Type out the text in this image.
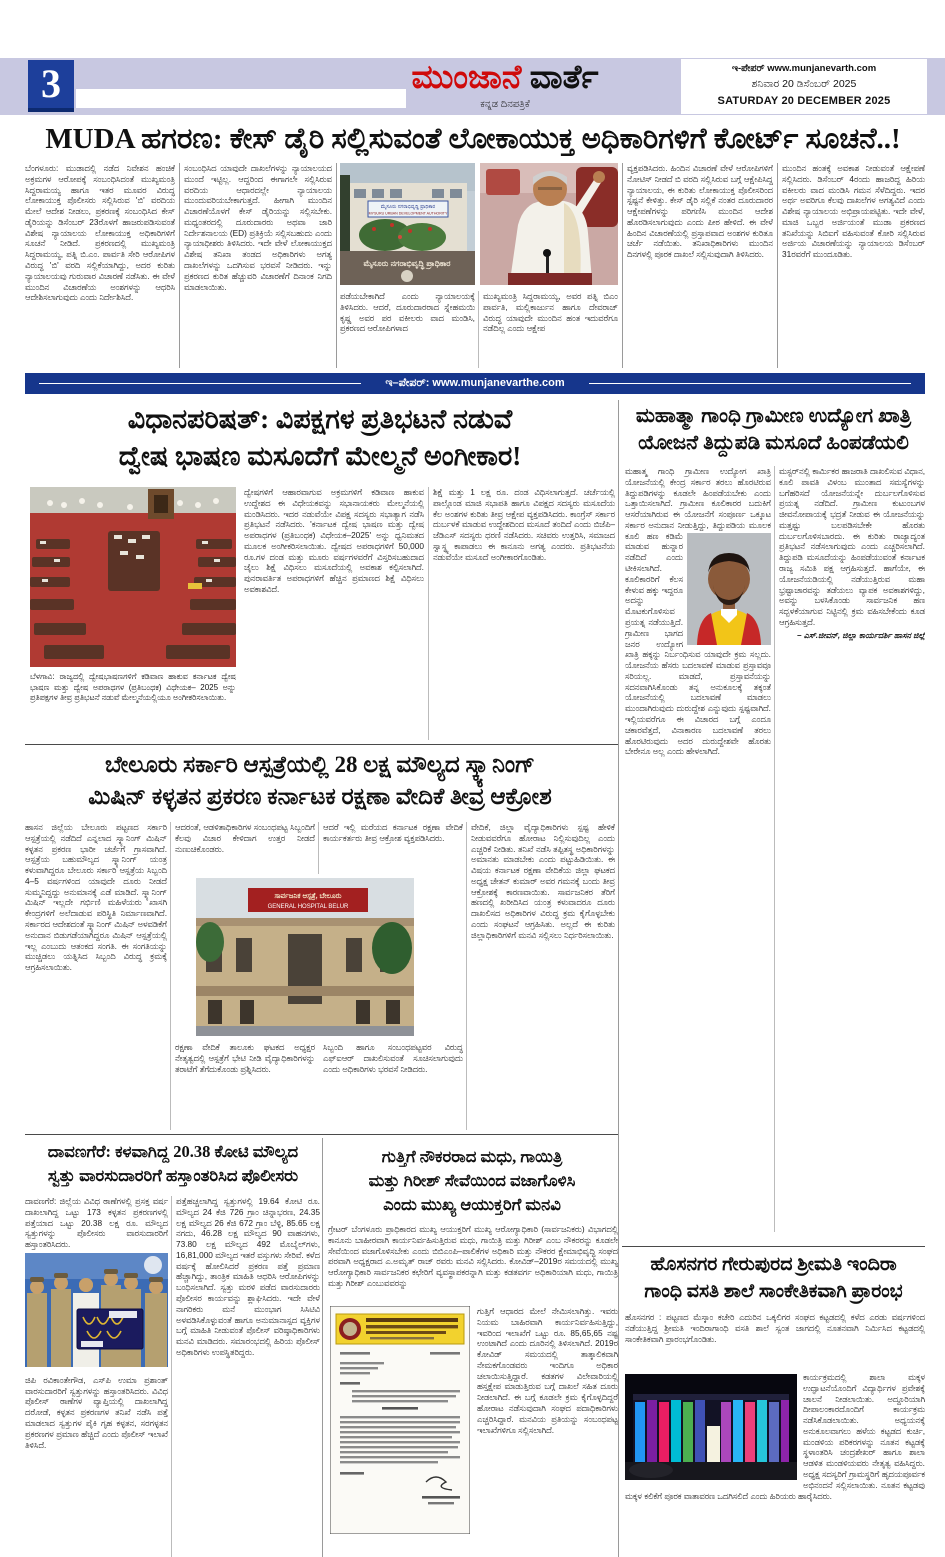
3	ಮುಂಜಾನೆ ವಾರ್ತೆ
ಕನ್ನಡ ದಿನಪತ್ರಿಕೆ
ಇ-ಪೇಪರ್ www.munjanevarth.com
ಶನಿವಾರ 20 ಡಿಸೆಂಬರ್ 2025
SATURDAY 20 DECEMBER 2025
MUDA ಹಗರಣ: ಕೇಸ್ ಡೈರಿ ಸಲ್ಲಿಸುವಂತೆ ಲೋಕಾಯುಕ್ತ ಅಧಿಕಾರಿಗಳಿಗೆ ಕೋರ್ಟ್ ಸೂಚನೆ..!
ಬೆಂಗಳೂರು: ಮುಡಾದಲ್ಲಿ ನಡೆದ ನಿವೇಶನ ಹಂಚಿಕೆ ಅಕ್ರಮಗಳ ಆರೋಪಕ್ಕೆ ಸಂಬಂಧಿಸಿದಂತೆ ಮುಖ್ಯಮಂತ್ರಿ ಸಿದ್ದರಾಮಯ್ಯ ಹಾಗೂ ಇತರ ಮೂವರ ವಿರುದ್ಧ ಲೋಕಾಯುಕ್ತ ಪೊಲೀಸರು ಸಲ್ಲಿಸಿರುವ 'ಬಿ' ವರದಿಯ ಮೇಲೆ ಆದೇಶ ನೀಡಲು, ಪ್ರಕರಣಕ್ಕೆ ಸಂಬಂಧಿಸಿದ ಕೇಸ್ ಡೈರಿಯನ್ನು ಡಿಸೆಂಬರ್ 23ರೊಳಗೆ ಹಾಜರುಪಡಿಸುವಂತೆ ವಿಶೇಷ ನ್ಯಾಯಾಲಯ ಲೋಕಾಯುಕ್ತ ಅಧಿಕಾರಿಗಳಿಗೆ ಸೂಚನೆ ನೀಡಿದೆ. ಪ್ರಕರಣದಲ್ಲಿ ಮುಖ್ಯಮಂತ್ರಿ ಸಿದ್ದರಾಮಯ್ಯ, ಪತ್ನಿ ಬಿ.ಎಂ. ಪಾರ್ವತಿ ಸೇರಿ ಆರೋಪಿಗಳ ವಿರುದ್ಧ 'ಬಿ' ವರದಿ ಸಲ್ಲಿಕೆಯಾಗಿದ್ದು, ಅದರ ಕುರಿತು ನ್ಯಾಯಾಲಯವು ಗುರುವಾರ ವಿಚಾರಣೆ ನಡೆಸಿತು. ಈ ವೇಳೆ ಮುಂದಿನ ವಿಚಾರಣೆಯ ಅಂಶಗಳನ್ನು ಆಧರಿಸಿ ಆದೇಶಿಸಲಾಗುವುದು ಎಂದು ನಿರ್ದೇಶಿಸಿದೆ.
ಸಂಬಂಧಿಸಿದ ಯಾವುದೇ ದಾಖಲೆಗಳನ್ನು ನ್ಯಾಯಾಲಯದ ಮುಂದೆ ಇಟ್ಟಿಲ್ಲ. ಆದ್ದರಿಂದ ಈಗಾಗಲೇ ಸಲ್ಲಿಸಿರುವ ವರದಿಯ ಆಧಾರದಲ್ಲೇ ನ್ಯಾಯಾಲಯ ಮುಂದುವರಿಯಬೇಕಾಗುತ್ತದೆ. ಹೀಗಾಗಿ ಮುಂದಿನ ವಿಚಾರಣೆಯೊಳಗೆ ಕೇಸ್ ಡೈರಿಯನ್ನು ಸಲ್ಲಿಸಬೇಕು. ಮಧ್ಯಂತರದಲ್ಲಿ ದೂರುದಾರರು ಅಥವಾ ಜಾರಿ ನಿರ್ದೇಶನಾಲಯ (ED) ಪ್ರತಿಕ್ರಿಯೆ ಸಲ್ಲಿಸಬಹುದು ಎಂದು ನ್ಯಾಯಾಧೀಶರು ತಿಳಿಸಿದರು. ಇದೇ ವೇಳೆ ಲೋಕಾಯುಕ್ತದ ವಿಶೇಷ ತನಿಖಾ ತಂಡದ ಅಧಿಕಾರಿಗಳು ಅಗತ್ಯ ದಾಖಲೆಗಳನ್ನು ಒದಗಿಸುವ ಭರವಸೆ ನೀಡಿದರು. ಇನ್ನು ಪ್ರಕರಣದ ಕುರಿತ ಹೆಚ್ಚುವರಿ ವಿಚಾರಣೆಗೆ ದಿನಾಂಕ ನಿಗದಿ ಮಾಡಲಾಯಿತು.
ಮೈಸೂರು ನಗರಾಭಿವೃದ್ಧಿ ಪ್ರಾಧಿಕಾರ
MYSURU URBAN DEVELOPMENT AUTHORITY
ಮೈಸೂರು ನಗರಾಭಿವೃದ್ಧಿ ಪ್ರಾಧಿಕಾರ
ಪಡೆಯಬೇಕಾಗಿದೆ ಎಂದು ನ್ಯಾಯಾಲಯಕ್ಕೆ ತಿಳಿಸಿದರು. ಆದರೆ, ದೂರುದಾರರಾದ ಸ್ನೇಹಮಯಿ ಕೃಷ್ಣ ಅವರ ಪರ ವಕೀಲರು ವಾದ ಮಂಡಿಸಿ, ಪ್ರಕರಣದ ಆರೋಪಿಗಳಾದ
ಮುಖ್ಯಮಂತ್ರಿ ಸಿದ್ದರಾಮಯ್ಯ, ಅವರ ಪತ್ನಿ ಬಿಎಂ ಪಾರ್ವತಿ, ಮಲ್ಲಿಕಾರ್ಜುನ ಹಾಗೂ ದೇವರಾಜ್ ವಿರುದ್ಧ ಯಾವುದೇ ಮುಂದಿನ ಹಂತ ಇದುವರೆಗೂ ನಡೆದಿಲ್ಲ ಎಂದು ಆಕ್ಷೇಪ
ವ್ಯಕ್ತಪಡಿಸಿದರು. ಹಿಂದಿನ ವಿಚಾರಣೆ ವೇಳೆ ಆರೋಪಿಗಳಿಗೆ ನೋಟಿಸ್ ನೀಡದೆ ಬಿ ವರದಿ ಸಲ್ಲಿಸಿರುವ ಬಗ್ಗೆ ಆಕ್ಷೇಪಿಸಿದ್ದ ನ್ಯಾಯಾಲಯ, ಈ ಕುರಿತು ಲೋಕಾಯುಕ್ತ ಪೊಲೀಸರಿಂದ ಸ್ಪಷ್ಟನೆ ಕೇಳಿತ್ತು. ಕೇಸ್ ಡೈರಿ ಸಲ್ಲಿಕೆ ನಂತರ ದೂರುದಾರರ ಆಕ್ಷೇಪಣೆಗಳನ್ನು ಪರಿಗಣಿಸಿ ಮುಂದಿನ ಆದೇಶ ಹೊರಡಿಸಲಾಗುವುದು ಎಂದು ಪೀಠ ಹೇಳಿದೆ. ಈ ವೇಳೆ ಹಿಂದಿನ ವಿಚಾರಣೆಯಲ್ಲಿ ಪ್ರಸ್ತಾಪವಾದ ಅಂಶಗಳ ಕುರಿತೂ ಚರ್ಚೆ ನಡೆಯಿತು. ತನಿಖಾಧಿಕಾರಿಗಳು ಮುಂದಿನ ದಿನಗಳಲ್ಲಿ ಪೂರಕ ದಾಖಲೆ ಸಲ್ಲಿಸುವುದಾಗಿ ತಿಳಿಸಿದರು.
ಮುಂದಿನ ಹಂತಕ್ಕೆ ಅವಕಾಶ ನೀಡುವಂತೆ ಆಕ್ಷೇಪಣೆ ಸಲ್ಲಿಸಿದರು. ಡಿಸೆಂಬರ್ 4ರಂದು ಹಾಜರಿದ್ದ ಹಿರಿಯ ವಕೀಲರು ವಾದ ಮಂಡಿಸಿ ಗಮನ ಸೆಳೆದಿದ್ದರು. ಇದರ ಅರ್ಥ ಅವರಿಗೂ ಕೆಲವು ದಾಖಲೆಗಳ ಅಗತ್ಯವಿದೆ ಎಂದು ವಿಶೇಷ ನ್ಯಾಯಾಲಯ ಅಭಿಪ್ರಾಯಪಟ್ಟಿತು. ಇದೇ ವೇಳೆ, ಮಾಜಿ ಒಬ್ಬರ ಅರ್ಜಿಯಂತೆ ಮುಡಾ ಪ್ರಕರಣದ ತನಿಖೆಯನ್ನು ಸಿಬಿಐಗೆ ವಹಿಸುವಂತೆ ಕೋರಿ ಸಲ್ಲಿಸಿರುವ ಅರ್ಜಿಯ ವಿಚಾರಣೆಯನ್ನು ನ್ಯಾಯಾಲಯ ಡಿಸೆಂಬರ್ 31ರವರೆಗೆ ಮುಂದೂಡಿತು.
ಇ–ಪೇಪರ್: www.munjanevarthe.com
ವಿಧಾನಪರಿಷತ್: ವಿಪಕ್ಷಗಳ ಪ್ರತಿಭಟನೆ ನಡುವೆ
ದ್ವೇಷ ಭಾಷಣ ಮಸೂದೆಗೆ ಮೇಲ್ಮನೆ ಅಂಗೀಕಾರ!
ಬೆಳಗಾವಿ: ರಾಜ್ಯದಲ್ಲಿ ದ್ವೇಷಭಾಷಣಗಳಿಗೆ ಕಡಿವಾಣ ಹಾಕುವ ಕರ್ನಾಟಕ ದ್ವೇಷ ಭಾಷಣ ಮತ್ತು ದ್ವೇಷ ಅಪರಾಧಗಳ (ಪ್ರತಿಬಂಧಕ) ವಿಧೇಯಕ– 2025 ಅನ್ನು ಪ್ರತಿಪಕ್ಷಗಳ ತೀವ್ರ ಪ್ರತಿಭಟನೆ ನಡುವೆ ಮೇಲ್ಮನೆಯಲ್ಲಿಯೂ ಅಂಗೀಕರಿಸಲಾಯಿತು.
ದ್ವೇಷಗಳಿಗೆ ಆಹಾರವಾಗುವ ಅಕ್ರಮಗಳಿಗೆ ಕಡಿವಾಣ ಹಾಕುವ ಉದ್ದೇಶದ ಈ ವಿಧೇಯಕವನ್ನು ಸಭಾನಾಯಕರು ಮೇಲ್ಮನೆಯಲ್ಲಿ ಮಂಡಿಸಿದರು. ಇದರ ನಡುವೆಯೇ ವಿಪಕ್ಷ ಸದಸ್ಯರು ಸಭಾತ್ಯಾಗ ನಡೆಸಿ ಪ್ರತಿಭಟನೆ ನಡೆಸಿದರು. 'ಕರ್ನಾಟಕ ದ್ವೇಷ ಭಾಷಣ ಮತ್ತು ದ್ವೇಷ ಅಪರಾಧಗಳ (ಪ್ರತಿಬಂಧಕ) ವಿಧೇಯಕ–2025' ಅನ್ನು ಧ್ವನಿಮತದ ಮೂಲಕ ಅಂಗೀಕರಿಸಲಾಯಿತು. ದ್ವೇಷದ ಅಪರಾಧಗಳಿಗೆ 50,000 ರೂ.ಗಳ ದಂಡ ಮತ್ತು ಮೂರು ವರ್ಷಗಳವರೆಗೆ ವಿಸ್ತರಿಸಬಹುದಾದ ಜೈಲು ಶಿಕ್ಷೆ ವಿಧಿಸಲು ಮಸೂದೆಯಲ್ಲಿ ಅವಕಾಶ ಕಲ್ಪಿಸಲಾಗಿದೆ. ಪುನರಾವರ್ತಿತ ಅಪರಾಧಗಳಿಗೆ ಹೆಚ್ಚಿನ ಪ್ರಮಾಣದ ಶಿಕ್ಷೆ ವಿಧಿಸಲು ಅವಕಾಶವಿದೆ.
ಶಿಕ್ಷೆ ಮತ್ತು 1 ಲಕ್ಷ ರೂ. ದಂಡ ವಿಧಿಸಲಾಗುತ್ತದೆ. ಚರ್ಚೆಯಲ್ಲಿ ಪಾಲ್ಗೊಂಡ ಮಾಜಿ ಸಭಾಪತಿ ಹಾಗೂ ವಿಪಕ್ಷದ ಸದಸ್ಯರು ಮಸೂದೆಯ ಕೆಲ ಅಂಶಗಳ ಕುರಿತು ತೀವ್ರ ಆಕ್ಷೇಪ ವ್ಯಕ್ತಪಡಿಸಿದರು. ಕಾಂಗ್ರೆಸ್ ಸರ್ಕಾರ ದುರ್ಬಳಕೆ ಮಾಡುವ ಉದ್ದೇಶದಿಂದ ಮಸೂದೆ ತಂದಿದೆ ಎಂದು ಬಿಜೆಪಿ–ಜೆಡಿಎಸ್ ಸದಸ್ಯರು ಧರಣಿ ನಡೆಸಿದರು. ಸಚಿವರು ಉತ್ತರಿಸಿ, ಸಮಾಜದ ಸ್ವಾಸ್ಥ್ಯ ಕಾಪಾಡಲು ಈ ಕಾನೂನು ಅಗತ್ಯ ಎಂದರು. ಪ್ರತಿಭಟನೆಯ ನಡುವೆಯೇ ಮಸೂದೆ ಅಂಗೀಕಾರಗೊಂಡಿತು.
ಮಹಾತ್ಮಾ ಗಾಂಧಿ ಗ್ರಾಮೀಣ ಉದ್ಯೋಗ ಖಾತ್ರಿ
ಯೋಜನೆ ತಿದ್ದುಪಡಿ ಮಸೂದೆ ಹಿಂಪಡೆಯಲಿ
ಮಹಾತ್ಮ ಗಾಂಧಿ ಗ್ರಾಮೀಣ ಉದ್ಯೋಗ ಖಾತ್ರಿ ಯೋಜನೆಯಲ್ಲಿ ಕೇಂದ್ರ ಸರ್ಕಾರ ತರಲು ಹೊರಟಿರುವ ತಿದ್ದುಪಡಿಗಳನ್ನು ಕೂಡಲೇ ಹಿಂಪಡೆಯಬೇಕು ಎಂದು ಒತ್ತಾಯಿಸಲಾಗಿದೆ. ಗ್ರಾಮೀಣ ಕೂಲಿಕಾರರ ಬದುಕಿಗೆ ಆಸರೆಯಾಗಿರುವ ಈ ಯೋಜನೆಗೆ ಸಂಪೂರ್ಣ ಒಕ್ಕೂಟ ಸರ್ಕಾರ ಅನುದಾನ ನೀಡುತ್ತಿದ್ದು, ತಿದ್ದುಪಡಿಯ ಮೂಲಕ ಕೂಲಿ ಹಣ ಕಡಿಮೆ
ಮಾಡುವ ಹುನ್ನಾರ ನಡೆದಿದೆ ಎಂದು ಟೀಕಿಸಲಾಗಿದೆ. ಕೂಲಿಕಾರರಿಗೆ ಕೆಲಸ ಕೇಳುವ ಹಕ್ಕು ಇದ್ದರೂ ಅದನ್ನು ಮೊಟಕುಗೊಳಿಸುವ ಪ್ರಯತ್ನ ನಡೆಯುತ್ತಿದೆ. ಗ್ರಾಮೀಣ ಭಾಗದ ಜನರ ಉದ್ಯೋಗ ಖಾತ್ರಿ ಹಕ್ಕನ್ನು ನಿರ್ಬಂಧಿಸುವ ಯಾವುದೇ ಕ್ರಮ ಸಲ್ಲದು. ಯೋಜನೆಯ ಹೆಸರು ಬದಲಾವಣೆ ಮಾಡುವ ಪ್ರಸ್ತಾವವೂ ಸರಿಯಲ್ಲ. ಮಾಡದೆ, ಪ್ರಸ್ತಾವನೆಯನ್ನು ಸದನವಾಗಿಸಿಕೊಂಡು ತನ್ನ ಅನುಕೂಲಕ್ಕೆ ತಕ್ಕಂತೆ ಯೋಜನೆಯಲ್ಲಿ ಬದಲಾವಣೆ ಮಾಡಲು ಮುಂದಾಗಿರುವುದು ದುರುದ್ದೇಶ ಎನ್ನುವುದು ಸ್ಪಷ್ಟವಾಗಿದೆ. ಇಲ್ಲಿಯವರೆಗೂ ಈ ವಿಚಾರದ ಬಗ್ಗೆ ಎಂದೂ ಚಕಾರವೆತ್ತದೆ, ವಿನಾಕಾರಣ ಬದಲಾವಣೆ ತರಲು ಹೊರಟಿರುವುದು ಅದರ ದುರುದ್ದೇಶವೇ ಹೊರತು ಬೇರೇನೂ ಅಲ್ಲ ಎಂದು ಹೇಳಲಾಗಿದೆ.
ಮಸ್ಟರ್‌ನಲ್ಲಿ ಕಾರ್ಮಿಕರ ಹಾಜರಾತಿ ದಾಖಲಿಸುವ ವಿಧಾನ, ಕೂಲಿ ಪಾವತಿ ವಿಳಂಬ ಮುಂತಾದ ಸಮಸ್ಯೆಗಳನ್ನು ಬಗೆಹರಿಸದೆ ಯೋಜನೆಯನ್ನೇ ದುರ್ಬಲಗೊಳಿಸುವ ಪ್ರಯತ್ನ ನಡೆದಿದೆ. ಗ್ರಾಮೀಣ ಕುಟುಂಬಗಳ ಜೀವನೋಪಾಯಕ್ಕೆ ಭದ್ರತೆ ನೀಡುವ ಈ ಯೋಜನೆಯನ್ನು ಮತ್ತಷ್ಟು ಬಲಪಡಿಸಬೇಕೇ ಹೊರತು ದುರ್ಬಲಗೊಳಿಸಬಾರದು. ಈ ಕುರಿತು ರಾಜ್ಯಾದ್ಯಂತ ಪ್ರತಿಭಟನೆ ನಡೆಸಲಾಗುವುದು ಎಂದು ಎಚ್ಚರಿಸಲಾಗಿದೆ. ತಿದ್ದುಪಡಿ ಮಸೂದೆಯನ್ನು ಹಿಂಪಡೆಯುವಂತೆ ಕರ್ನಾಟಕ ರಾಜ್ಯ ಸಮಿತಿ ಪಕ್ಷ ಆಗ್ರಹಿಸುತ್ತದೆ. ಹಾಗೆಯೇ, ಈ ಯೋಜನೆಯಡಿಯಲ್ಲಿ ನಡೆಯುತ್ತಿರುವ ಮಹಾ ಭ್ರಷ್ಟಾಚಾರವನ್ನು ತಡೆಯಲು ವ್ಯಾಪಕ ಅವಕಾಶಗಳಿದ್ದು, ಅವನ್ನು ಬಳಸಿಕೊಂಡು ಸಾರ್ವಜನಿಕ ಹಣ ಸದ್ಬಳಕೆಯಾಗುವ ನಿಟ್ಟಿನಲ್ಲಿ ಕ್ರಮ ವಹಿಸಬೇಕೆಂದು ಕೂಡ ಆಗ್ರಹಿಸುತ್ತದೆ.
– ಎಸ್.ಜೀವನ್, ಜಿಲ್ಲಾ ಕಾರ್ಯದರ್ಶಿ ಹಾಸನ ಜಿಲ್ಲೆ
ಬೇಲೂರು ಸರ್ಕಾರಿ ಆಸ್ಪತ್ರೆಯಲ್ಲಿ 28 ಲಕ್ಷ ಮೌಲ್ಯದ ಸ್ಕ್ಯಾನಿಂಗ್
ಮಿಷಿನ್ ಕಳ್ಳತನ ಪ್ರಕರಣ ಕರ್ನಾಟಕ ರಕ್ಷಣಾ ವೇದಿಕೆ ತೀವ್ರ ಆಕ್ರೋಶ
ಹಾಸನ ಜಿಲ್ಲೆಯ ಬೇಲೂರು ಪಟ್ಟಣದ ಸರ್ಕಾರಿ ಆಸ್ಪತ್ರೆಯಲ್ಲಿ ನಡೆದಿದೆ ಎನ್ನಲಾದ ಸ್ಕ್ಯಾನಿಂಗ್ ಮಿಷಿನ್ ಕಳ್ಳತನ ಪ್ರಕರಣ ಭಾರೀ ಚರ್ಚೆಗೆ ಗ್ರಾಸವಾಗಿದೆ. ಆಸ್ಪತ್ರೆಯ ಬಹುಮೌಲ್ಯದ ಸ್ಕ್ಯಾನಿಂಗ್ ಯಂತ್ರ ಕಳುವಾಗಿದ್ದರೂ ಬೇಲೂರು ಸರ್ಕಾರಿ ಆಸ್ಪತ್ರೆಯ ಸಿಬ್ಬಂದಿ 4–5 ವರ್ಷಗಳಿಂದ ಯಾವುದೇ ದೂರು ನೀಡದೆ ಸುಮ್ಮನಿದ್ದದ್ದು ಅನುಮಾನಕ್ಕೆ ಎಡೆ ಮಾಡಿದೆ. ಸ್ಕ್ಯಾನಿಂಗ್ ಮಿಷಿನ್ ಇಲ್ಲದೇ ಗರ್ಭಿಣಿ ಮಹಿಳೆಯರು ಖಾಸಗಿ ಕೇಂದ್ರಗಳಿಗೆ ಅಲೆದಾಡುವ ಪರಿಸ್ಥಿತಿ ನಿರ್ಮಾಣವಾಗಿದೆ. ಸರ್ಕಾರದ ಆದೇಶದಂತೆ ಸ್ಕ್ಯಾನಿಂಗ್ ಮಿಷಿನ್ ಅಳವಡಿಕೆಗೆ ಅನುದಾನ ಬಿಡುಗಡೆಯಾಗಿದ್ದರೂ ಮಿಷಿನ್ ಆಸ್ಪತ್ರೆಯಲ್ಲಿ ಇಲ್ಲ ಎಂಬುದು ಆತಂಕದ ಸಂಗತಿ. ಈ ಸಂಗತಿಯನ್ನು ಮುಚ್ಚಿಡಲು ಯತ್ನಿಸಿದ ಸಿಬ್ಬಂದಿ ವಿರುದ್ಧ ಕ್ರಮಕ್ಕೆ ಆಗ್ರಹಿಸಲಾಯಿತು.
ಆದರಂತೆ, ಆಡಳಿತಾಧಿಕಾರಿಗಳ ಸಂಬಂಧಪಟ್ಟ ಸಿಬ್ಬಂದಿಗೆ ಕೆಲವು ವಿಚಾರ ಕೇಳಿದಾಗ ಉತ್ತರ ನೀಡದೆ ನುಣುಚಿಕೊಂಡರು.
ರಕ್ಷಣಾ ವೇದಿಕೆ ತಾಲೂಕು ಘಟಕದ ಅಧ್ಯಕ್ಷರ ನೇತೃತ್ವದಲ್ಲಿ ಆಸ್ಪತ್ರೆಗೆ ಭೇಟಿ ನೀಡಿ ವೈದ್ಯಾಧಿಕಾರಿಗಳನ್ನು ತರಾಟೆಗೆ ತೆಗೆದುಕೊಂಡು ಪ್ರಶ್ನಿಸಿದರು.
ಆದರೆ ಇಲ್ಲಿ ಮರೆಯದ ಕರ್ನಾಟಕ ರಕ್ಷಣಾ ವೇದಿಕೆ ಕಾರ್ಯಕರ್ತರು ತೀವ್ರ ಆಕ್ರೋಶ ವ್ಯಕ್ತಪಡಿಸಿದರು.
ಸಿಬ್ಬಂದಿ ಹಾಗೂ ಸಂಬಂಧಪಟ್ಟವರ ವಿರುದ್ಧ ಎಫ್‌ಐಆರ್ ದಾಖಲಿಸುವಂತೆ ಸೂಚಿಸಲಾಗುವುದು ಎಂದು ಅಧಿಕಾರಿಗಳು ಭರವಸೆ ನೀಡಿದರು.
ವೇದಿಕೆ, ಜಿಲ್ಲಾ ವೈದ್ಯಾಧಿಕಾರಿಗಳು ಸ್ಪಷ್ಟ ಹೇಳಿಕೆ ನೀಡುವವರೆಗೂ ಹೋರಾಟ ನಿಲ್ಲಿಸುವುದಿಲ್ಲ ಎಂದು ಎಚ್ಚರಿಕೆ ನೀಡಿತು. ತನಿಖೆ ನಡೆಸಿ ತಪ್ಪಿತಸ್ಥ ಅಧಿಕಾರಿಗಳನ್ನು ಅಮಾನತು ಮಾಡಬೇಕು ಎಂದು ಪಟ್ಟುಹಿಡಿಯಿತು. ಈ ವಿಷಯ ಕರ್ನಾಟಕ ರಕ್ಷಣಾ ವೇದಿಕೆಯ ಜಿಲ್ಲಾ ಘಟಕದ ಅಧ್ಯಕ್ಷ ಚೇತನ್ ಕುಮಾರ್ ಅವರ ಗಮನಕ್ಕೆ ಬಂದು ತೀವ್ರ ಆಕ್ರೋಶಕ್ಕೆ ಕಾರಣವಾಯಿತು. ಸಾರ್ವಜನಿಕರ ತೆರಿಗೆ ಹಣದಲ್ಲಿ ಖರೀದಿಸಿದ ಯಂತ್ರ ಕಳುವಾದರೂ ದೂರು ದಾಖಲಿಸದ ಅಧಿಕಾರಿಗಳ ವಿರುದ್ಧ ಕ್ರಮ ಕೈಗೊಳ್ಳಬೇಕು ಎಂದು ಸಂಘಟನೆ ಆಗ್ರಹಿಸಿತು. ಅಲ್ಲದೆ ಈ ಕುರಿತು ಜಿಲ್ಲಾಧಿಕಾರಿಗಳಿಗೆ ಮನವಿ ಸಲ್ಲಿಸಲು ನಿರ್ಧರಿಸಲಾಯಿತು.
ಸಾರ್ವಜನಿಕ ಆಸ್ಪತ್ರೆ, ಬೇಲೂರು
GENERAL HOSPITAL BELUR
ದಾವಣಗೆರೆ: ಕಳವಾಗಿದ್ದ 20.38 ಕೋಟಿ ಮೌಲ್ಯದ
ಸ್ವತ್ತು ವಾರಸುದಾರರಿಗೆ ಹಸ್ತಾಂತರಿಸಿದ ಪೊಲೀಸರು
ದಾವಣಗೆರೆ: ಜಿಲ್ಲೆಯ ವಿವಿಧ ಠಾಣೆಗಳಲ್ಲಿ ಪ್ರಸಕ್ತ ವರ್ಷ ದಾಖಲಾಗಿದ್ದ ಒಟ್ಟು 173 ಕಳ್ಳತನ ಪ್ರಕರಣಗಳಲ್ಲಿ ಪತ್ತೆಯಾದ ಒಟ್ಟು 20.38 ಲಕ್ಷ ರೂ. ಮೌಲ್ಯದ ಸ್ವತ್ತುಗಳನ್ನು ಪೊಲೀಸರು ವಾರಸುದಾರರಿಗೆ ಹಸ್ತಾಂತರಿಸಿದರು.
ಜಿಪಿ ರವಿಕಾಂತೇಗೌಡ, ಎಸ್‌ಪಿ ಉಮಾ ಪ್ರಶಾಂತ್ ವಾರಸುದಾರರಿಗೆ ಸ್ವತ್ತುಗಳನ್ನು ಹಸ್ತಾಂತರಿಸಿದರು. ವಿವಿಧ ಪೊಲೀಸ್ ಠಾಣೆಗಳ ವ್ಯಾಪ್ತಿಯಲ್ಲಿ ದಾಖಲಾಗಿದ್ದ ದರೋಡೆ, ಕಳ್ಳತನ ಪ್ರಕರಣಗಳ ತನಿಖೆ ನಡೆಸಿ ಪತ್ತೆ ಮಾಡಲಾದ ಸ್ವತ್ತುಗಳ ಪೈಕಿ ಗೃಹ ಕಳ್ಳತನ, ಸರಗಳ್ಳತನ ಪ್ರಕರಣಗಳ ಪ್ರಮಾಣ ಹೆಚ್ಚಿದೆ ಎಂದು ಪೊಲೀಸ್ ಇಲಾಖೆ ತಿಳಿಸಿದೆ.
ಪತ್ತೆಹಚ್ಚಲಾಗಿದ್ದ ಸ್ವತ್ತುಗಳಲ್ಲಿ 19.64 ಕೋಟಿ ರೂ. ಮೌಲ್ಯದ 24 ಕೆಜಿ 726 ಗ್ರಾಂ ಚಿನ್ನಾಭರಣ, 24.35 ಲಕ್ಷ ಮೌಲ್ಯದ 26 ಕೆಜಿ 672 ಗ್ರಾಂ ಬೆಳ್ಳಿ, 85.65 ಲಕ್ಷ ನಗದು, 46.28 ಲಕ್ಷ ಮೌಲ್ಯದ 90 ವಾಹನಗಳು, 73.80 ಲಕ್ಷ ಮೌಲ್ಯದ 492 ಮೊಬೈಲ್‌ಗಳು, 16,81,000 ಮೌಲ್ಯದ ಇತರೆ ವಸ್ತುಗಳು ಸೇರಿವೆ. ಕಳೆದ ವರ್ಷಕ್ಕೆ ಹೋಲಿಸಿದರೆ ಪ್ರಕರಣ ಪತ್ತೆ ಪ್ರಮಾಣ ಹೆಚ್ಚಾಗಿದ್ದು, ತಾಂತ್ರಿಕ ಮಾಹಿತಿ ಆಧರಿಸಿ ಆರೋಪಿಗಳನ್ನು ಬಂಧಿಸಲಾಗಿದೆ. ಸ್ವತ್ತು ಮರಳಿ ಪಡೆದ ವಾರಸುದಾರರು ಪೊಲೀಸರ ಕಾರ್ಯವನ್ನು ಶ್ಲಾಘಿಸಿದರು. ಇದೇ ವೇಳೆ ನಾಗರಿಕರು ಮನೆ ಮುಂಭಾಗ ಸಿಸಿಟಿವಿ ಅಳವಡಿಸಿಕೊಳ್ಳುವಂತೆ ಹಾಗೂ ಅನುಮಾನಾಸ್ಪದ ವ್ಯಕ್ತಿಗಳ ಬಗ್ಗೆ ಮಾಹಿತಿ ನೀಡುವಂತೆ ಪೊಲೀಸ್ ವರಿಷ್ಠಾಧಿಕಾರಿಗಳು ಮನವಿ ಮಾಡಿದರು. ಸಮಾರಂಭದಲ್ಲಿ ಹಿರಿಯ ಪೊಲೀಸ್ ಅಧಿಕಾರಿಗಳು ಉಪಸ್ಥಿತರಿದ್ದರು.
ಗುತ್ತಿಗೆ ನೌಕರರಾದ ಮಧು, ಗಾಯಿತ್ರಿ
ಮತ್ತು ಗಿರೀಶ್ ಸೇವೆಯಿಂದ ವಜಾಗೊಳಿಸಿ
ಎಂದು ಮುಖ್ಯ ಆಯುಕ್ತರಿಗೆ ಮನವಿ
ಗ್ರೇಟರ್ ಬೆಂಗಳೂರು ಪ್ರಾಧಿಕಾರದ ಮುಖ್ಯ ಆಯುಕ್ತರಿಗೆ ಮುಖ್ಯ ಆರೋಗ್ಯಾಧಿಕಾರಿ (ಸಾರ್ವಜನಿಕರು) ವಿಭಾಗದಲ್ಲಿ ಕಾನೂನು ಬಾಹೀರವಾಗಿ ಕಾರ್ಯನಿರ್ವಹಿಸುತ್ತಿರುವ ಮಧು, ಗಾಯಿತ್ರಿ ಮತ್ತು ಗಿರೀಶ್ ಎಂಬ ನೌಕರರನ್ನು ಕೂಡಲೇ ಸೇವೆಯಿಂದ ವಜಾಗೊಳಿಸಬೇಕು ಎಂದು ಬಿಬಿಎಂಪಿ–ಪಾಲಿಕೆಗಳ ಅಧಿಕಾರಿ ಮತ್ತು ನೌಕರರ ಕ್ಷೇಮಾಭಿವೃದ್ಧಿ ಸಂಘದ ಪರವಾಗಿ ಅಧ್ಯಕ್ಷರಾದ ಎ.ಅಮೃತ್ ರಾಜ್ ರವರು ಮನವಿ ಸಲ್ಲಿಸಿದರು. ಕೋವಿಡ್–2019ರ ಸಮಯದಲ್ಲಿ ಮುಖ್ಯ ಆರೋಗ್ಯಾಧಿಕಾರಿ ಸಾರ್ವಜನಿಕರ ಕಛೇರಿಗೆ ವ್ಯವಸ್ಥಾಪಕರನ್ನಾಗಿ ಮತ್ತು ಕಡತವರ್ಗ ಅಧಿಕಾರಿಯಾಗಿ ಮಧು, ಗಾಯಿತ್ರಿ ಮತ್ತು ಗಿರೀಶ್ ಎಂಬುವವರನ್ನು
ಗುತ್ತಿಗೆ ಆಧಾರದ ಮೇಲೆ ನೇಮಿಸಲಾಗಿತ್ತು. ಇವರು ನಿಯಮ ಬಾಹಿರವಾಗಿ ಕಾರ್ಯನಿರ್ವಹಿಸುತ್ತಿದ್ದು, ಇವರಿಂದ ಇಲಾಖೆಗೆ ಒಟ್ಟು ರೂ. 85,65,65 ನಷ್ಟ ಉಂಟಾಗಿದೆ ಎಂದು ದೂರಿನಲ್ಲಿ ತಿಳಿಸಲಾಗಿದೆ. 2019ರ ಕೋವಿಡ್ ಸಮಯದಲ್ಲಿ ತಾತ್ಕಾಲಿಕವಾಗಿ ನೇಮಕಗೊಂಡವರು ಇಂದಿಗೂ ಅಧಿಕಾರ ಚಲಾಯಿಸುತ್ತಿದ್ದಾರೆ. ಕಡತಗಳ ವಿಲೇವಾರಿಯಲ್ಲಿ ಹಸ್ತಕ್ಷೇಪ ಮಾಡುತ್ತಿರುವ ಬಗ್ಗೆ ದಾಖಲೆ ಸಹಿತ ದೂರು ನೀಡಲಾಗಿದೆ. ಈ ಬಗ್ಗೆ ಕೂಡಲೇ ಕ್ರಮ ಕೈಗೊಳ್ಳದಿದ್ದರೆ ಹೋರಾಟ ನಡೆಸುವುದಾಗಿ ಸಂಘದ ಪದಾಧಿಕಾರಿಗಳು ಎಚ್ಚರಿಸಿದ್ದಾರೆ. ಮನವಿಯ ಪ್ರತಿಯನ್ನು ಸಂಬಂಧಪಟ್ಟ ಇಲಾಖೆಗಳಿಗೂ ಸಲ್ಲಿಸಲಾಗಿದೆ.
ಹೊಸನಗರ ಗೇರುಪುರದ ಶ್ರೀಮತಿ ಇಂದಿರಾ
ಗಾಂಧಿ ವಸತಿ ಶಾಲೆ ಸಾಂಕೇತಿಕವಾಗಿ ಪ್ರಾರಂಭ
ಹೊಸನಗರ : ಪಟ್ಟಣದ ಮೆಸ್ಕಾಂ ಕಚೇರಿ ಎದುರಿನ ಒಕ್ಕಲಿಗರ ಸಂಘದ ಕಟ್ಟಡದಲ್ಲಿ ಕಳೆದ ಎರಡು ವರ್ಷಗಳಿಂದ ನಡೆಯುತ್ತಿದ್ದ ಶ್ರೀಮತಿ ಇಂದಿರಾಗಾಂಧಿ ವಸತಿ ಶಾಲೆ ಸ್ವಂತ ಜಾಗದಲ್ಲಿ ನೂತನವಾಗಿ ನಿರ್ಮಿಸಿದ ಕಟ್ಟಡದಲ್ಲಿ ಸಾಂಕೇತಿಕವಾಗಿ ಪ್ರಾರಂಭಗೊಂಡಿತು.
ಕಾರ್ಯಕ್ರಮದಲ್ಲಿ ಶಾಲಾ ಮಕ್ಕಳ ಉದ್ಘಾಟನೆಯೊಂದಿಗೆ ವಿದ್ಯಾರ್ಥಿಗಳ ಪ್ರವೇಶಕ್ಕೆ ಚಾಲನೆ ನೀಡಲಾಯಿತು. ಅದ್ದೂರಿಯಾಗಿ ದೀಪಾಲಂಕಾರದೊಂದಿಗೆ ಕಾರ್ಯಕ್ರಮ ನಡೆಸಿಕೊಡಲಾಯಿತು. ಅಧ್ಯಯನಕ್ಕೆ ಅನುಕೂಲವಾಗಲು ಹಳೆಯ ಕಟ್ಟಡದ ಕುರ್ಚಿ, ಮಂಡಳಿಯ ಪರಿಕರಗಳನ್ನು ನೂತನ ಕಟ್ಟಡಕ್ಕೆ ಸ್ಥಳಾಂತರಿಸಿ ಚಂದ್ರಶೇಖರ್ ಹಾಗೂ ಶಾಲಾ ಆಡಳಿತ ಮಂಡಳಿಯವರು ನೇತೃತ್ವ ವಹಿಸಿದ್ದರು. ಅಧ್ಯಕ್ಷ ಸದಸ್ಯರಿಗೆ ಗ್ರಾಮಸ್ಥರಿಗೆ ಹೃದಯಪೂರ್ವಕ ಅಭಿನಂದನೆ ಸಲ್ಲಿಸಲಾಯಿತು. ನೂತನ ಕಟ್ಟಡವು ಮಕ್ಕಳ ಕಲಿಕೆಗೆ ಪೂರಕ ವಾತಾವರಣ ಒದಗಿಸಲಿದೆ ಎಂದು ಹಿರಿಯರು ಹಾರೈಸಿದರು.
